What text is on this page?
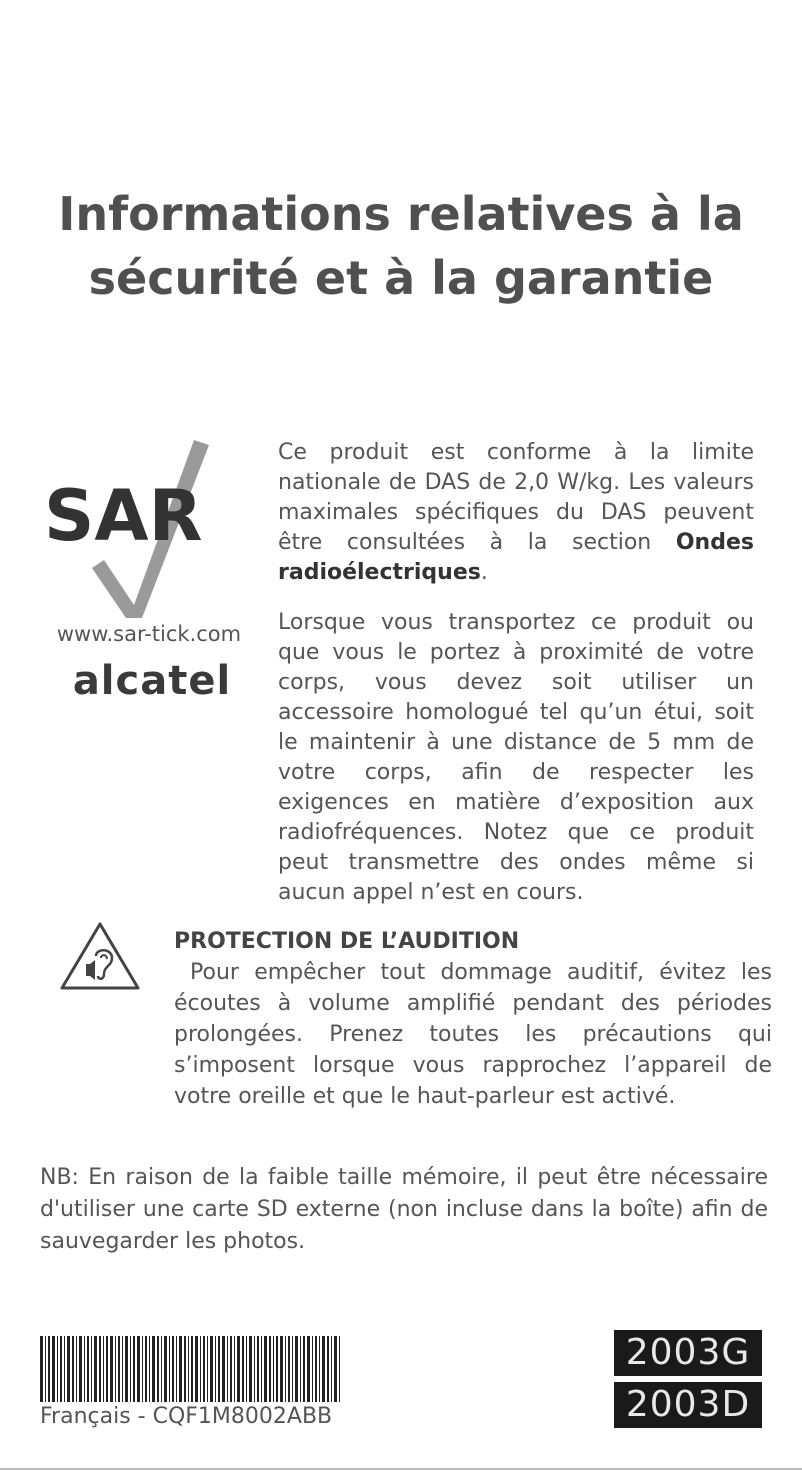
Informations relatives à la
sécurité et à la garantie
SAR
www.sar-tick.com
alcatel
Ce produit est conforme à la limite nationale de DAS de 2,0 W/kg. Les valeurs maximales spécifiques du DAS peuvent être consultées à la section Ondes radioélectriques.
Lorsque vous transportez ce produit ou que vous le portez à proximité de votre corps, vous devez soit utiliser un accessoire homologué tel qu’un étui, soit le maintenir à une distance de 5 mm de votre corps, afin de respecter les exigences en matière d’exposition aux radiofréquences. Notez que ce produit peut transmettre des ondes même si aucun appel n’est en cours.
PROTECTION DE L’AUDITION
Pour empêcher tout dommage auditif, évitez les écoutes à volume amplifié pendant des périodes prolongées. Prenez toutes les précautions qui s’imposent lorsque vous rapprochez l’appareil de votre oreille et que le haut-parleur est activé.
NB: En raison de la faible taille mémoire, il peut être nécessaire d'utiliser une carte SD externe (non incluse dans la boîte) afin de sauvegarder les photos.
Français - CQF1M8002ABB
2003G
2003D
